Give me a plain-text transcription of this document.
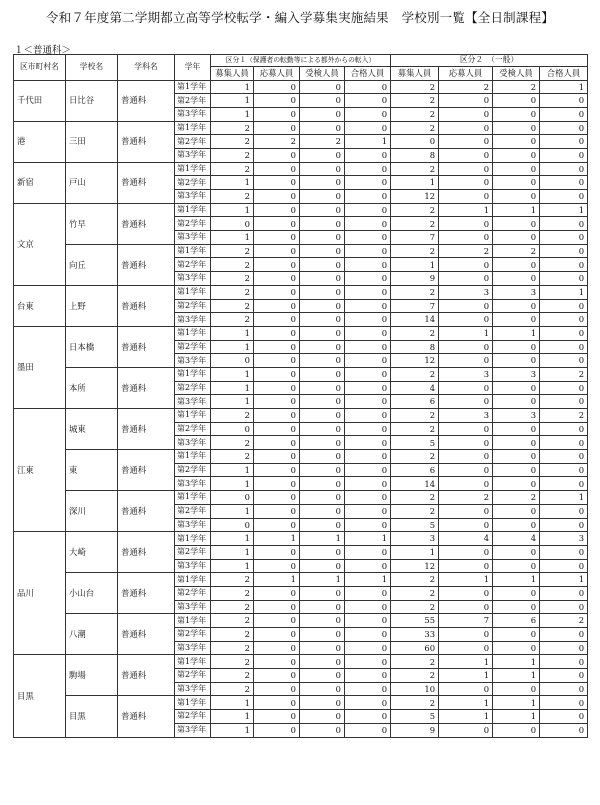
令和７年度第二学期都立高等学校転学・編入学募集実施結果　学校別一覧【全日制課程】
１＜普通科＞
区市町村名	学校名	学科名	学年	区分１（保護者の転勤等による都外からの転入）				区分２　（一般）			
				募集人員	応募人員	受検人員	合格人員	募集人員	応募人員	受検人員	合格人員
千代田	日比谷	普通科	第1学年	1	0	0	0	2	2	2	1
			第2学年	1	0	0	0	2	0	0	0
			第3学年	1	0	0	0	2	0	0	0
港	三田	普通科	第1学年	2	0	0	0	2	0	0	0
			第2学年	2	2	2	1	0	0	0	0
			第3学年	2	0	0	0	8	0	0	0
新宿	戸山	普通科	第1学年	2	0	0	0	2	0	0	0
			第2学年	1	0	0	0	1	0	0	0
			第3学年	2	0	0	0	12	0	0	0
文京	竹早	普通科	第1学年	1	0	0	0	2	1	1	1
			第2学年	0	0	0	0	2	0	0	0
			第3学年	1	0	0	0	7	0	0	0
	向丘	普通科	第1学年	2	0	0	0	2	2	2	0
			第2学年	2	0	0	0	1	0	0	0
			第3学年	2	0	0	0	9	0	0	0
台東	上野	普通科	第1学年	2	0	0	0	2	3	3	1
			第2学年	2	0	0	0	7	0	0	0
			第3学年	2	0	0	0	14	0	0	0
墨田	日本橋	普通科	第1学年	1	0	0	0	2	1	1	0
			第2学年	1	0	0	0	8	0	0	0
			第3学年	0	0	0	0	12	0	0	0
	本所	普通科	第1学年	1	0	0	0	2	3	3	2
			第2学年	1	0	0	0	4	0	0	0
			第3学年	1	0	0	0	6	0	0	0
江東	城東	普通科	第1学年	2	0	0	0	2	3	3	2
			第2学年	0	0	0	0	2	0	0	0
			第3学年	2	0	0	0	5	0	0	0
	東	普通科	第1学年	2	0	0	0	2	0	0	0
			第2学年	1	0	0	0	6	0	0	0
			第3学年	1	0	0	0	14	0	0	0
	深川	普通科	第1学年	0	0	0	0	2	2	2	1
			第2学年	1	0	0	0	2	0	0	0
			第3学年	0	0	0	0	5	0	0	0
品川	大崎	普通科	第1学年	1	1	1	1	3	4	4	3
			第2学年	1	0	0	0	1	0	0	0
			第3学年	1	0	0	0	12	0	0	0
	小山台	普通科	第1学年	2	1	1	1	2	1	1	1
			第2学年	2	0	0	0	2	0	0	0
			第3学年	2	0	0	0	2	0	0	0
	八潮	普通科	第1学年	2	0	0	0	55	7	6	2
			第2学年	2	0	0	0	33	0	0	0
			第3学年	2	0	0	0	60	0	0	0
目黒	駒場	普通科	第1学年	2	0	0	0	2	1	1	0
			第2学年	2	0	0	0	2	1	1	0
			第3学年	2	0	0	0	10	0	0	0
	目黒	普通科	第1学年	1	0	0	0	2	1	1	0
			第2学年	1	0	0	0	5	1	1	0
			第3学年	1	0	0	0	9	0	0	0
